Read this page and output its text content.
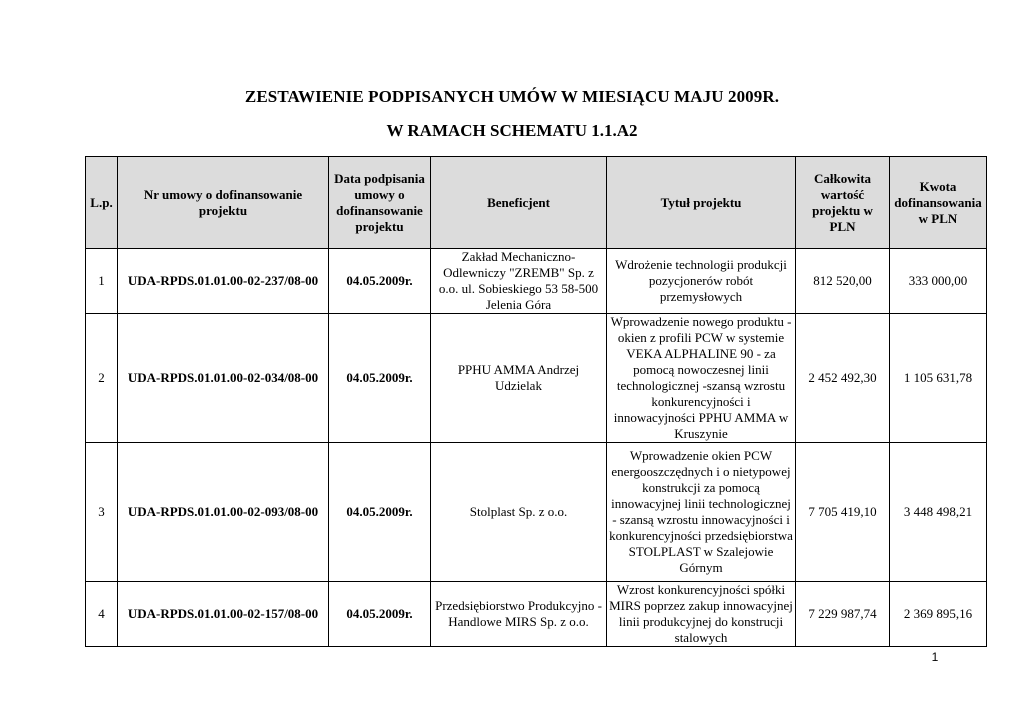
ZESTAWIENIE PODPISANYCH UMÓW W MIESIĄCU MAJU 2009R.
W RAMACH SCHEMATU 1.1.A2
L.p.	Nr umowy o dofinansowanie projektu	Data podpisania umowy o dofinansowanie projektu	Beneficjent	Tytuł projektu	Całkowita wartość projektu w PLN	Kwota dofinansowania w PLN
1	UDA-RPDS.01.01.00-02-237/08-00	04.05.2009r.	Zakład Mechaniczno-Odlewniczy "ZREMB" Sp. z o.o. ul. Sobieskiego 53 58-500 Jelenia Góra	Wdrożenie technologii produkcji pozycjonerów robót przemysłowych	812 520,00	333 000,00
2	UDA-RPDS.01.01.00-02-034/08-00	04.05.2009r.	PPHU AMMA Andrzej Udzielak	Wprowadzenie nowego produktu - okien z profili PCW w systemie VEKA ALPHALINE 90 - za pomocą nowoczesnej linii technologicznej -szansą wzrostu konkurencyjności i innowacyjności PPHU AMMA w Kruszynie	2 452 492,30	1 105 631,78
3	UDA-RPDS.01.01.00-02-093/08-00	04.05.2009r.	Stolplast Sp. z o.o.	Wprowadzenie okien PCW energooszczędnych i o nietypowej konstrukcji za pomocą innowacyjnej linii technologicznej - szansą wzrostu innowacyjności i konkurencyjności przedsiębiorstwa STOLPLAST w Szalejowie Górnym	7 705 419,10	3 448 498,21
4	UDA-RPDS.01.01.00-02-157/08-00	04.05.2009r.	Przedsiębiorstwo Produkcyjno -Handlowe MIRS Sp. z o.o.	Wzrost konkurencyjności spółki MIRS poprzez zakup innowacyjnej linii produkcyjnej do konstrucji stalowych	7 229 987,74	2 369 895,16
1
